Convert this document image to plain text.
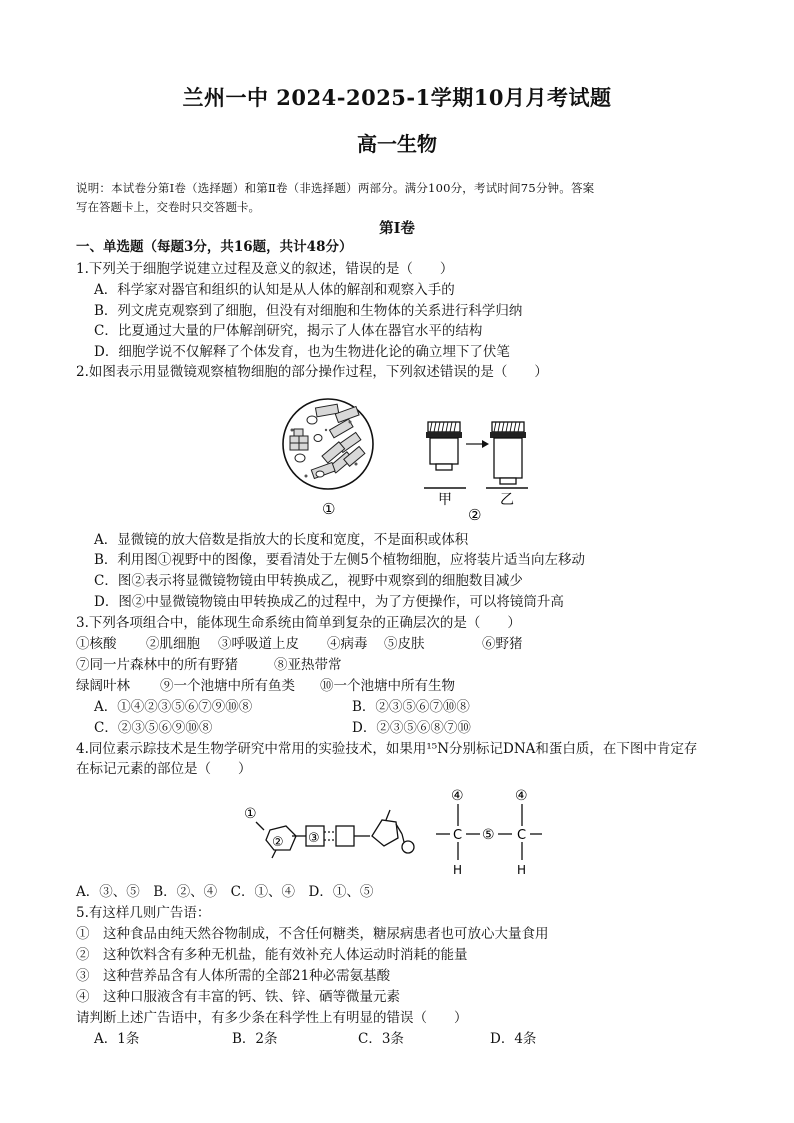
兰州一中 2024-2025-1学期10月月考试题
高一生物
说明：本试卷分第Ⅰ卷（选择题）和第Ⅱ卷（非选择题）两部分。满分100分，考试时间75分钟。答案
写在答题卡上，交卷时只交答题卡。
第Ⅰ卷
一、单选题（每题3分，共16题，共计48分）
1.下列关于细胞学说建立过程及意义的叙述，错误的是（　　）
A．科学家对器官和组织的认知是从人体的解剖和观察入手的
B．列文虎克观察到了细胞，但没有对细胞和生物体的关系进行科学归纳
C．比夏通过大量的尸体解剖研究，揭示了人体在器官水平的结构
D．细胞学说不仅解释了个体发育，也为生物进化论的确立埋下了伏笔
2.如图表示用显微镜观察植物细胞的部分操作过程，下列叙述错误的是（　　）
①	甲	乙
②
A．显微镜的放大倍数是指放大的长度和宽度，不是面积或体积
B．利用图①视野中的图像，要看清处于左侧5个植物细胞，应将装片适当向左移动
C．图②表示将显微镜物镜由甲转换成乙，视野中观察到的细胞数目减少
D．图②中显微镜物镜由甲转换成乙的过程中，为了方便操作，可以将镜筒升高
3.下列各项组合中，能体现生命系统由简单到复杂的正确层次的是（　　）
①核酸 ②肌细胞 ③呼吸道上皮 ④病毒 ⑤皮肤	⑥野猪
⑦同一片森林中的所有野猪	⑧亚热带常
绿阔叶林 ⑨一个池塘中所有鱼类 ⑩一个池塘中所有生物
A．①④②③⑤⑥⑦⑨⑩⑧	B．②③⑤⑥⑦⑩⑧
C．②③⑤⑥⑨⑩⑧	D．②③⑤⑥⑧⑦⑩
4.同位素示踪技术是生物学研究中常用的实验技术，如果用¹⁵N分别标记DNA和蛋白质，在下图中肯定存
在标记元素的部位是（　　）
①
② ③
④	④
C	C
⑤
H	H
A．③、⑤　B．②、④　C．①、④　D．①、⑤
5.有这样几则广告语：
①　这种食品由纯天然谷物制成，不含任何糖类，糖尿病患者也可放心大量食用
②　这种饮料含有多种无机盐，能有效补充人体运动时消耗的能量
③　这种营养品含有人体所需的全部21种必需氨基酸
④　这种口服液含有丰富的钙、铁、锌、硒等微量元素
请判断上述广告语中，有多少条在科学性上有明显的错误（　　）
A．1条	B．2条	C．3条	D．4条
